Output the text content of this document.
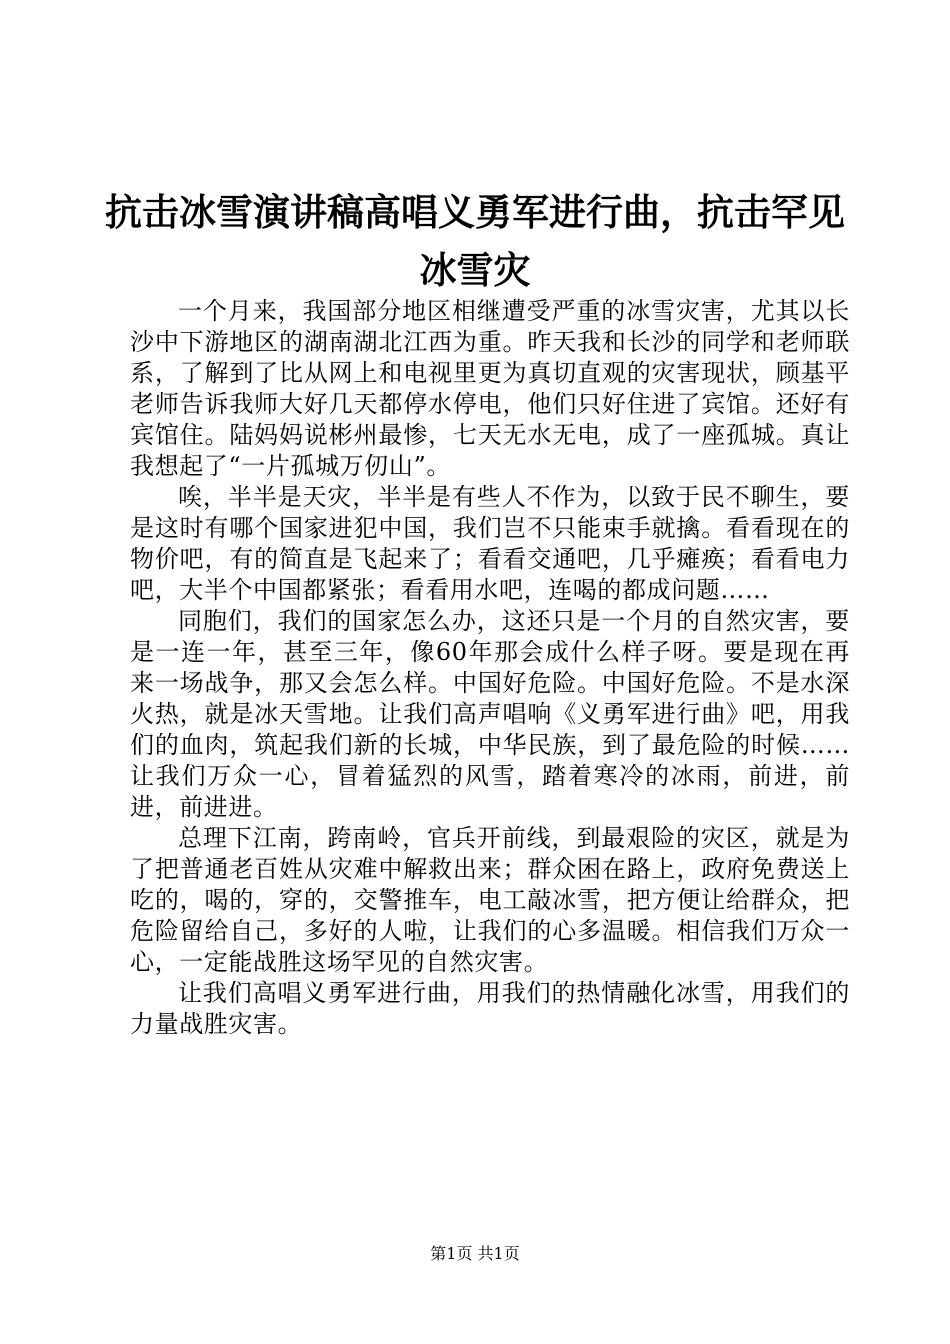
抗击冰雪演讲稿高唱义勇军进行曲，抗击罕见冰雪灾

一个月来，我国部分地区相继遭受严重的冰雪灾害，尤其以长沙中下游地区的湖南湖北江西为重。昨天我和长沙的同学和老师联系，了解到了比从网上和电视里更为真切直观的灾害现状，顾基平老师告诉我师大好几天都停水停电，他们只好住进了宾馆。还好有宾馆住。陆妈妈说彬州最惨，七天无水无电，成了一座孤城。真让我想起了“一片孤城万仞山”。

唉，半半是天灾，半半是有些人不作为，以致于民不聊生，要是这时有哪个国家进犯中国，我们岂不只能束手就擒。看看现在的物价吧，有的简直是飞起来了；看看交通吧，几乎瘫痪；看看电力吧，大半个中国都紧张；看看用水吧，连喝的都成问题……

同胞们，我们的国家怎么办，这还只是一个月的自然灾害，要是一连一年，甚至三年，像60年那会成什么样子呀。要是现在再来一场战争，那又会怎么样。中国好危险。中国好危险。不是水深火热，就是冰天雪地。让我们高声唱响《义勇军进行曲》吧，用我们的血肉，筑起我们新的长城，中华民族，到了最危险的时候……让我们万众一心，冒着猛烈的风雪，踏着寒冷的冰雨，前进，前进，前进进。

总理下江南，跨南岭，官兵开前线，到最艰险的灾区，就是为了把普通老百姓从灾难中解救出来；群众困在路上，政府免费送上吃的，喝的，穿的，交警推车，电工敲冰雪，把方便让给群众，把危险留给自己，多好的人啦，让我们的心多温暖。相信我们万众一心，一定能战胜这场罕见的自然灾害。

让我们高唱义勇军进行曲，用我们的热情融化冰雪，用我们的力量战胜灾害。

第1页 共1页
